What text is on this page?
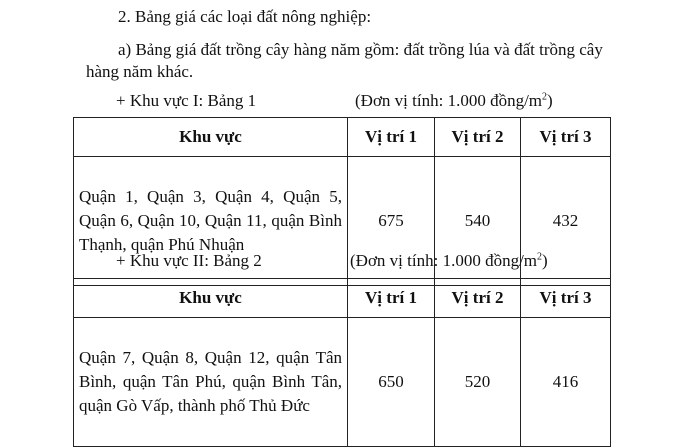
2. Bảng giá các loại đất nông nghiệp:
a) Bảng giá đất trồng cây hàng năm gồm: đất trồng lúa và đất trồng cây
hàng năm khác.
+ Khu vực I: Bảng 1	(Đơn vị tính: 1.000 đồng/$m^2$)
Khu vực	Vị trí 1	Vị trí 2	Vị trí 3
Quận 1, Quận 3, Quận 4, Quận 5, Quận 6, Quận 10, Quận 11, quận Bình Thạnh, quận Phú Nhuận	675	540	432
+ Khu vực II: Bảng 2	(Đơn vị tính: 1.000 đồng/$m^2$)
Khu vực	Vị trí 1	Vị trí 2	Vị trí 3
Quận 7, Quận 8, Quận 12, quận Tân Bình, quận Tân Phú, quận Bình Tân, quận Gò Vấp, thành phố Thủ Đức	650	520	416
